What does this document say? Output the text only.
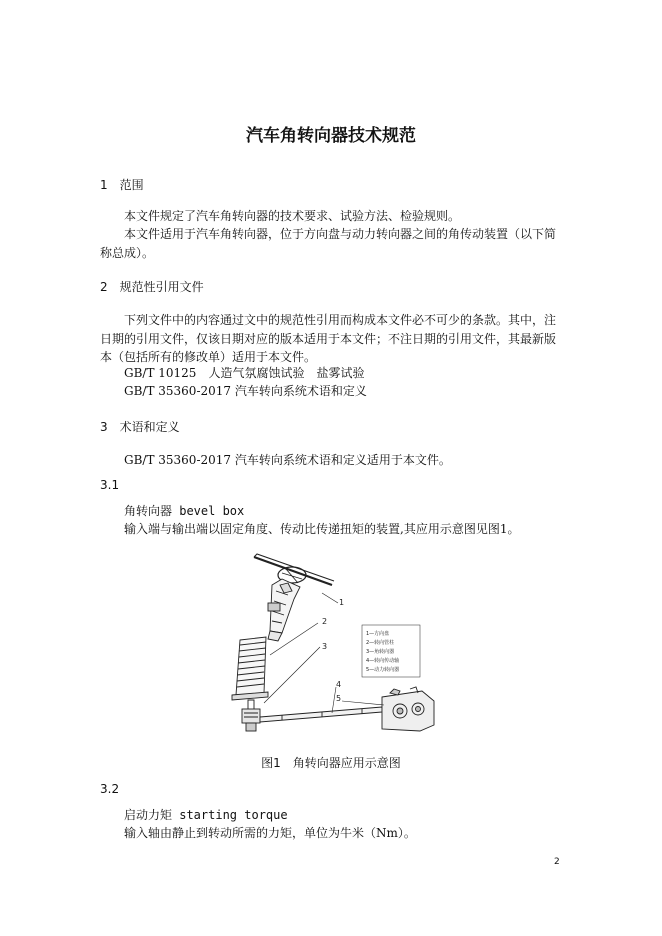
汽车角转向器技术规范
1　范围
本文件规定了汽车角转向器的技术要求、试验方法、检验规则。
本文件适用于汽车角转向器，位于方向盘与动力转向器之间的角传动装置（以下简称总成）。
2　规范性引用文件
下列文件中的内容通过文中的规范性引用而构成本文件必不可少的条款。其中，注日期的引用文件，仅该日期对应的版本适用于本文件；不注日期的引用文件，其最新版本（包括所有的修改单）适用于本文件。
GB/T 10125　人造气氛腐蚀试验　盐雾试验
GB/T 35360-2017 汽车转向系统术语和定义
3　术语和定义
GB/T 35360-2017 汽车转向系统术语和定义适用于本文件。
3.1
角转向器 bevel box
输入端与输出端以固定角度、传动比传递扭矩的装置,其应用示意图见图1。
1
2
3
4
5
1—方向盘
2—转向管柱
3—角转向器
4—转向传动轴
5—动力转向器
图1　角转向器应用示意图
3.2
启动力矩 starting torque
输入轴由静止到转动所需的力矩，单位为牛米（Nm）。
2
